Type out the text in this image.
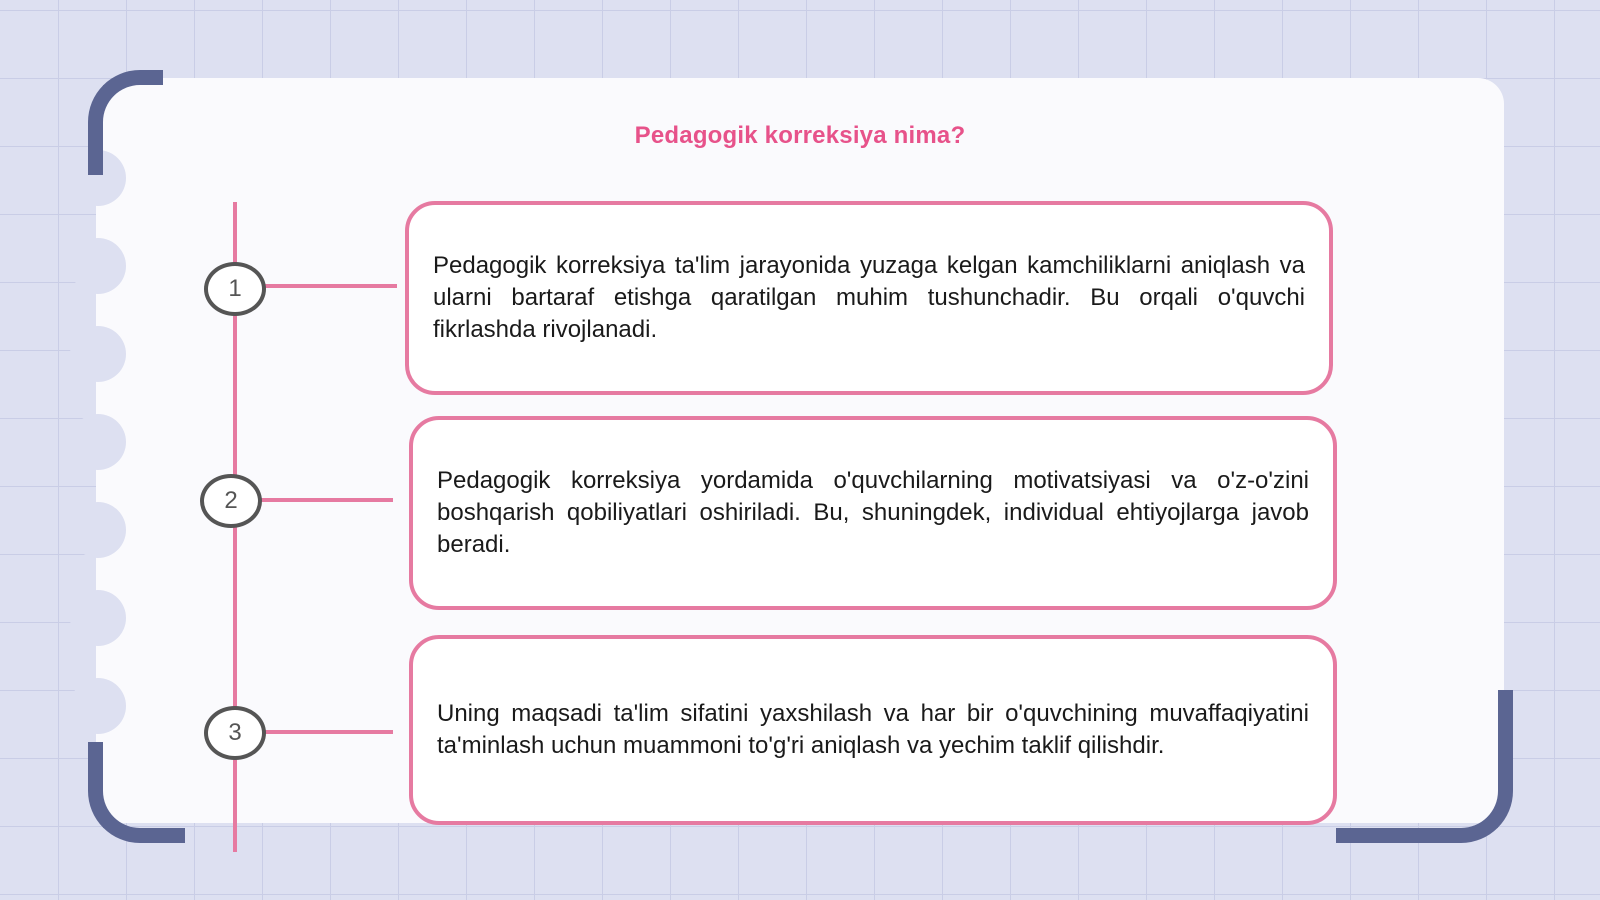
Pedagogik korreksiya nima?
1
2
3

Pedagogik korreksiya ta'lim jarayonida yuzaga kelgan kamchiliklarni aniqlash va ularni bartaraf etishga qaratilgan muhim tushunchadir. Bu orqali o'quvchi fikrlashda rivojlanadi.

Pedagogik korreksiya yordamida o'quvchilarning motivatsiyasi va o'z-o'zini boshqarish qobiliyatlari oshiriladi. Bu, shuningdek, individual ehtiyojlarga javob beradi.

Uning maqsadi ta'lim sifatini yaxshilash va har bir o'quvchining muvaffaqiyatini ta'minlash uchun muammoni to'g'ri aniqlash va yechim taklif qilishdir.
